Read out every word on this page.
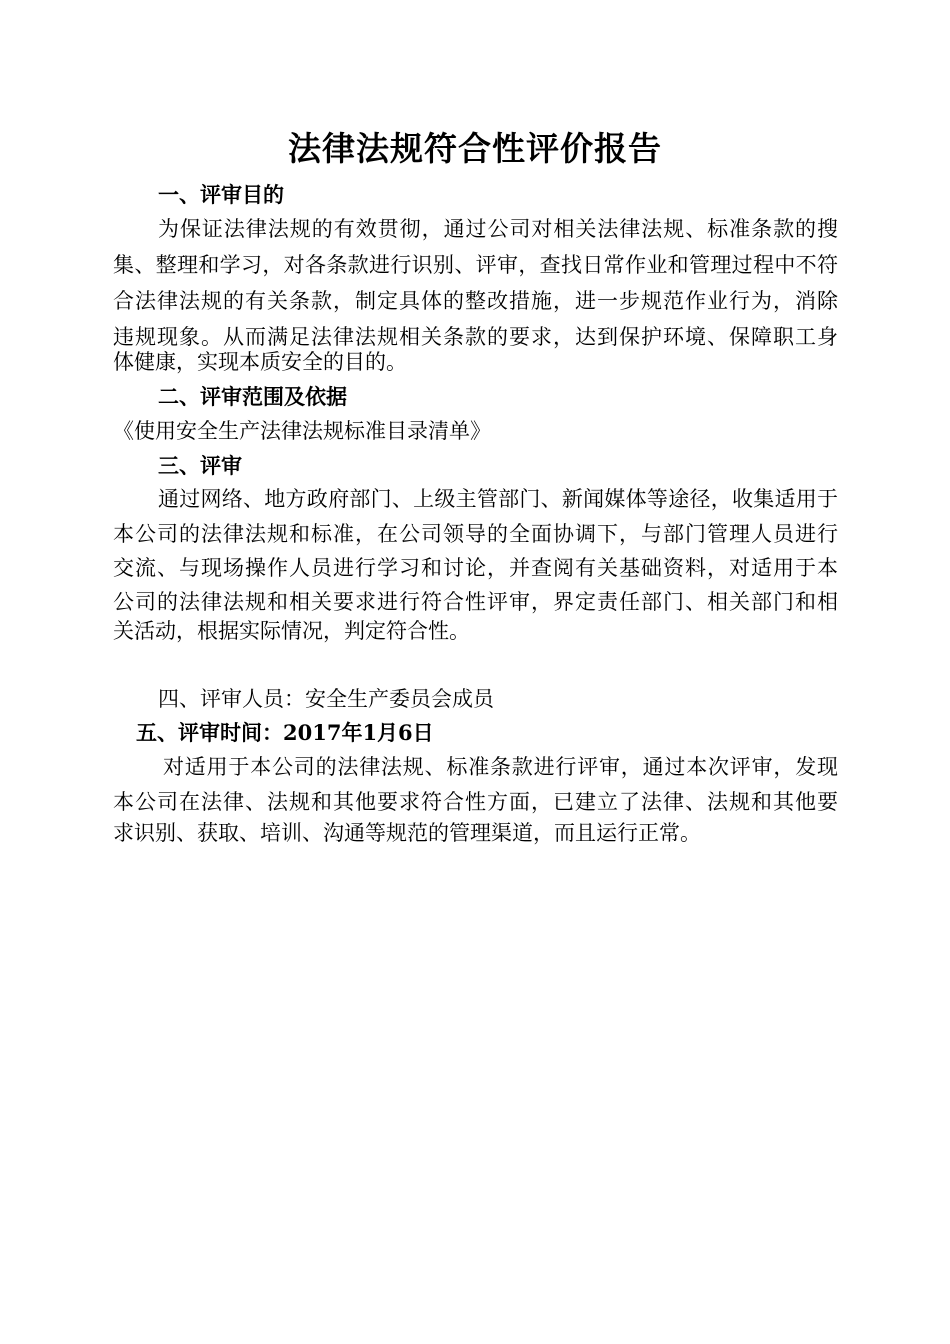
法律法规符合性评价报告
一、评审目的
为保证法律法规的有效贯彻，通过公司对相关法律法规、标准条款的搜
集、整理和学习，对各条款进行识别、评审，查找日常作业和管理过程中不符
合法律法规的有关条款，制定具体的整改措施，进一步规范作业行为，消除
违规现象。从而满足法律法规相关条款的要求，达到保护环境、保障职工身
体健康，实现本质安全的目的。
二、评审范围及依据
《使用安全生产法律法规标准目录清单》
三、评审
通过网络、地方政府部门、上级主管部门、新闻媒体等途径，收集适用于
本公司的法律法规和标准，在公司领导的全面协调下，与部门管理人员进行
交流、与现场操作人员进行学习和讨论，并查阅有关基础资料，对适用于本
公司的法律法规和相关要求进行符合性评审，界定责任部门、相关部门和相
关活动，根据实际情况，判定符合性。
四、评审人员：安全生产委员会成员
五、评审时间：2017年1月6日
对适用于本公司的法律法规、标准条款进行评审，通过本次评审，发现
本公司在法律、法规和其他要求符合性方面，已建立了法律、法规和其他要
求识别、获取、培训、沟通等规范的管理渠道，而且运行正常。
